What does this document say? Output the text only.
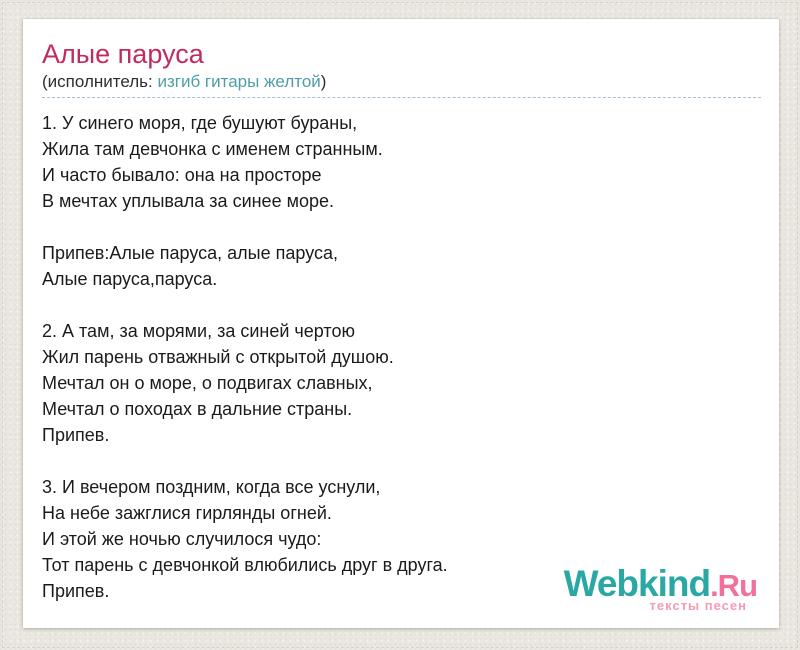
Алые паруса
(исполнитель: изгиб гитары желтой)
1. У синего моря, где бушуют бураны,
Жила там девчонка с именем странным.
И часто бывало: она на просторе
В мечтах уплывала за синее море.
Припев:Алые паруса, алые паруса,
Алые паруса,паруса.
2. А там, за морями, за синей чертою
Жил парень отважный с открытой душою.
Мечтал он о море, о подвигах славных,
Мечтал о походах в дальние страны.
Припев.
3. И вечером поздним, когда все уснули,
На небе зажглися гирлянды огней.
И этой же ночью случилося чудо:
Тот парень с девчонкой влюбились друг в друга.
Припев.	Webkind.Ru
тексты песен
